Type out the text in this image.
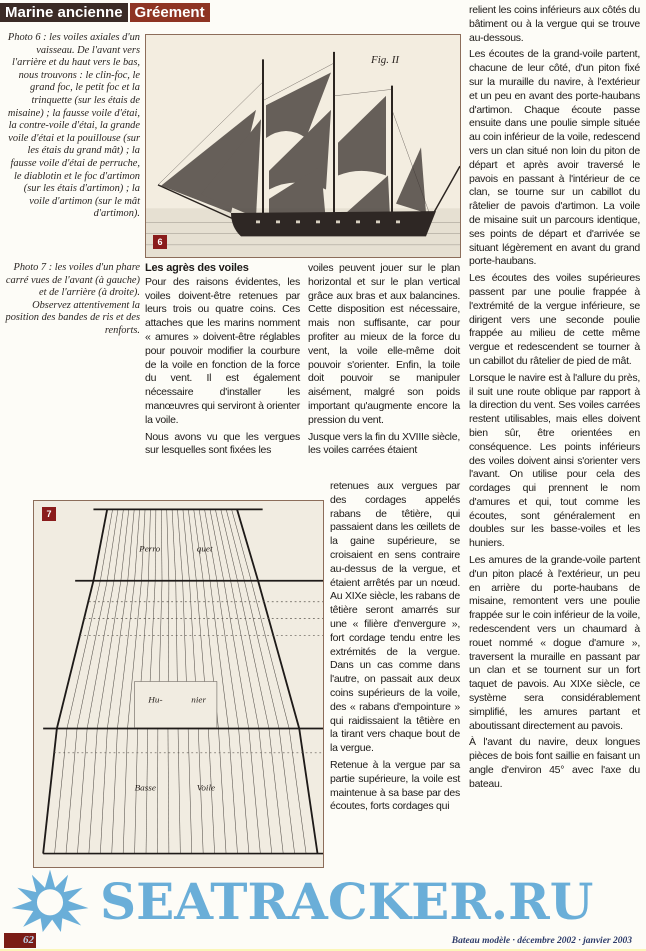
Marine ancienne Gréement
Photo 6 : les voiles axiales d'un vaisseau. De l'avant vers l'arrière et du haut vers le bas, nous trouvons : le clin-foc, le grand foc, le petit foc et la trinquette (sur les étais de misaine) ; la fausse voile d'étai, la contre-voile d'étai, la grande voile d'étai et la pouillouse (sur les étais du grand mât) ; la fausse voile d'étai de perruche, le diablotin et le foc d'artimon (sur les étais d'artimon) ; la voile d'artimon (sur le mât d'artimon).
Photo 7 : les voiles d'un phare carré vues de l'avant (à gauche) et de l'arrière (à droite). Observez attentivement la position des bandes de ris et des renforts.
Fig. II
6
Les agrès des voiles

Pour des raisons évidentes, les voiles doivent-être retenues par leurs trois ou quatre coins. Ces attaches que les marins nomment « amures » doivent-être réglables pour pouvoir modifier la courbure de la voile en fonction de la force du vent. Il est également nécessaire d'installer les manœuvres qui serviront à orienter la voile.

Nous avons vu que les vergues sur lesquelles sont fixées les

voiles peuvent jouer sur le plan horizontal et sur le plan vertical grâce aux bras et aux balancines. Cette disposition est nécessaire, mais non suffisante, car pour profiter au mieux de la force du vent, la voile elle-même doit pouvoir s'orienter. Enfin, la toile doit pouvoir se manipuler aisément, malgré son poids important qu'augmente encore la pression du vent.

Jusque vers la fin du XVIIIe siècle, les voiles carrées étaient

Perro	quet
Hu-	nier
Basse	Voile
7

retenues aux vergues par des cordages appelés rabans de têtière, qui passaient dans les œillets de la gaine supérieure, se croisaient en sens contraire au-dessus de la vergue, et étaient arrêtés par un nœud. Au XIXe siècle, les rabans de têtière seront amarrés sur une « filière d'envergure », fort cordage tendu entre les extrémités de la vergue. Dans un cas comme dans l'autre, on passait aux deux coins supérieurs de la voile, des « rabans d'empointure » qui raidissaient la têtière en la tirant vers chaque bout de la vergue.

Retenue à la vergue par sa partie supérieure, la voile est maintenue à sa base par des écoutes, forts cordages qui

relient les coins inférieurs aux côtés du bâtiment ou à la vergue qui se trouve au-dessous.

Les écoutes de la grand-voile partent, chacune de leur côté, d'un piton fixé sur la muraille du navire, à l'extérieur et un peu en avant des porte-haubans d'artimon. Chaque écoute passe ensuite dans une poulie simple située au coin inférieur de la voile, redescend vers un clan situé non loin du piton de départ et après avoir traversé le pavois en passant à l'intérieur de ce clan, se tourne sur un cabillot du râtelier de pavois d'artimon. La voile de misaine suit un parcours identique, ses points de départ et d'arrivée se situant légèrement en avant du grand porte-haubans.

Les écoutes des voiles supérieures passent par une poulie frappée à l'extrémité de la vergue inférieure, se dirigent vers une seconde poulie frappée au milieu de cette même vergue et redescendent se tourner à un cabillot du râtelier de pied de mât.

Lorsque le navire est à l'allure du près, il suit une route oblique par rapport à la direction du vent. Ses voiles carrées restent utilisables, mais elles doivent bien sûr, être orientées en conséquence. Les points inférieurs des voiles doivent ainsi s'orienter vers l'avant. On utilise pour cela des cordages qui prennent le nom d'amures et qui, tout comme les écoutes, sont généralement en doubles sur les basse-voiles et les huniers.

Les amures de la grande-voile partent d'un piton placé à l'extérieur, un peu en arrière du porte-haubans de misaine, remontent vers une poulie frappée sur le coin inférieur de la voile, redescendent vers un chaumard à rouet nommé « dogue d'amure », traversent la muraille en passant par un clan et se tournent sur un fort taquet de pavois. Au XIXe siècle, ce système sera considérablement simplifié, les amures partant et aboutissant directement au pavois.

À l'avant du navire, deux longues pièces de bois font saillie en faisant un angle d'environ 45° avec l'axe du bateau.

SEATRACKER.RU
62	Bateau modèle · décembre 2002 · janvier 2003
